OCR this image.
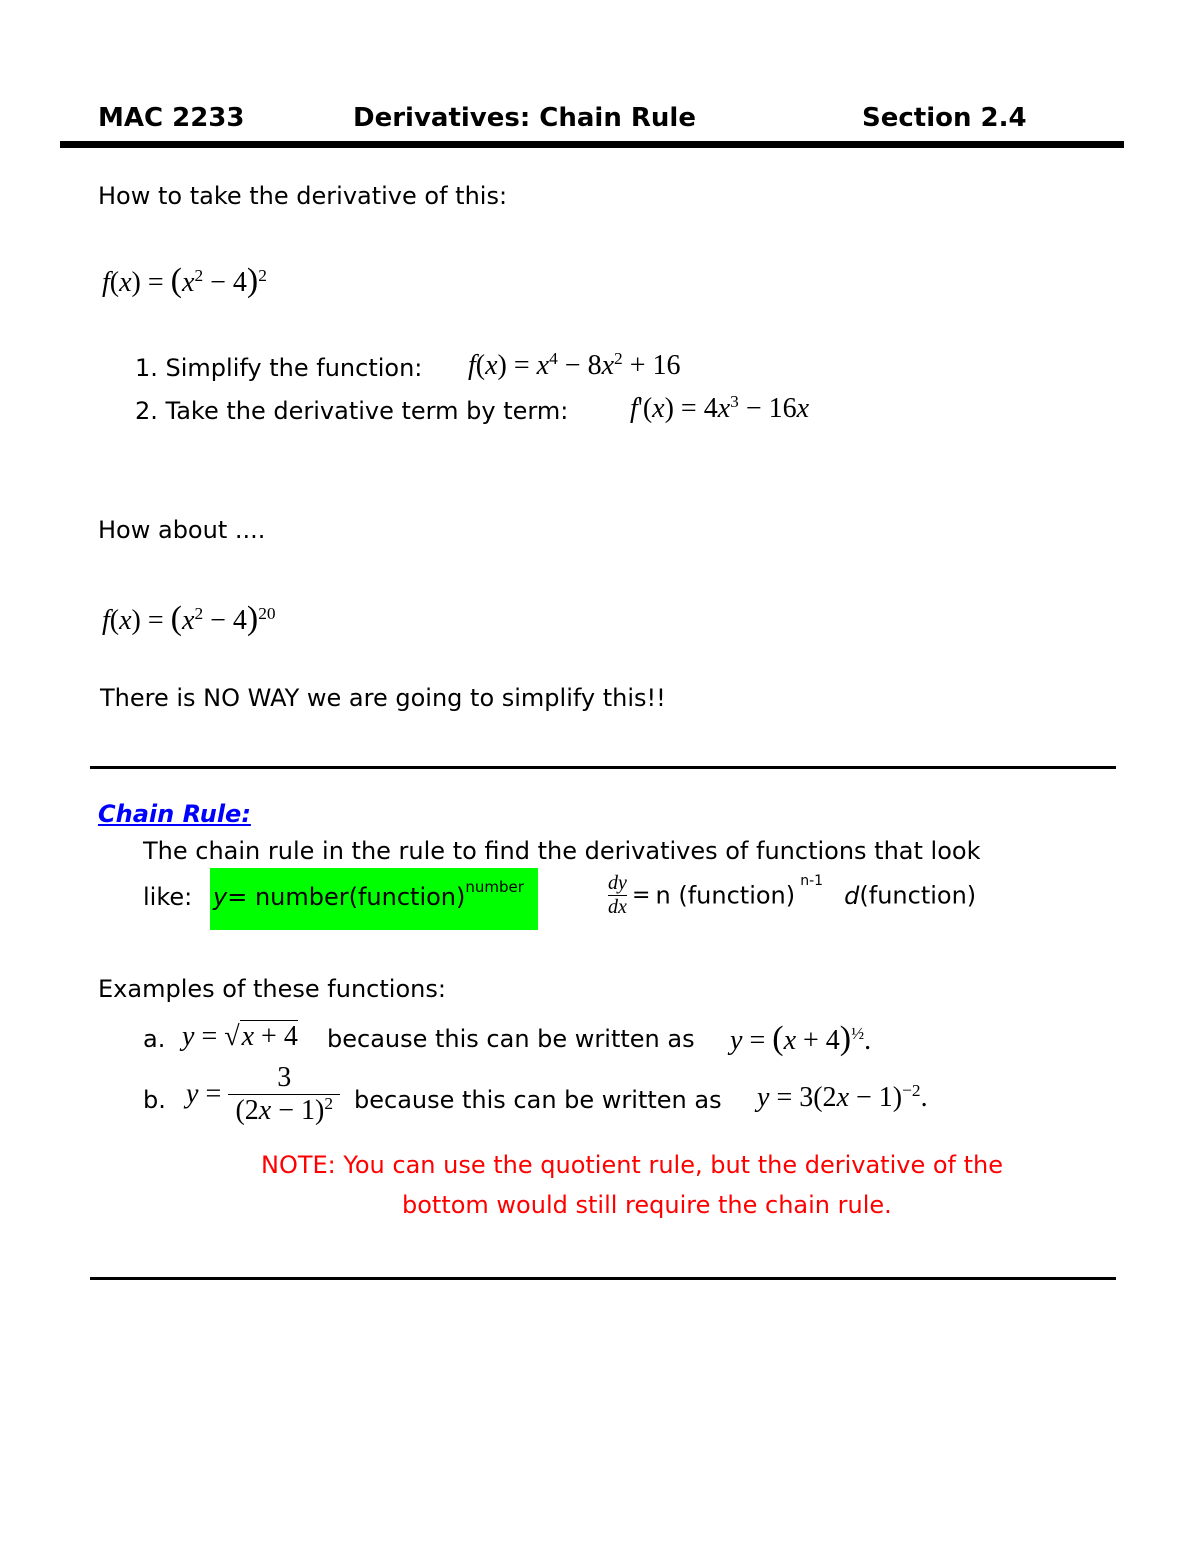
MAC 2233	Derivatives: Chain Rule	Section 2.4
How to take the derivative of this:
$f(x) = (x^2 - 4)^2$
1. Simplify the function: $f(x) = x^4 - 8x^2 + 16$
2. Take the derivative term by term: $f'(x) = 4x^3 - 16x$
How about ....
$f(x) = (x^2 - 4)^{20}$
There is NO WAY we are going to simplify this!!
Chain Rule:
The chain rule in the rule to find the derivatives of functions that look
like: y= number(function)$^{number}$	$\frac{dy}{dx} = n$ (function) $^{n-1}$ d(function)
Examples of these functions:
a. y = √x + 4 because this can be written as $y = (x + 4)^{\frac{1}{2}}$.
b. $y = \frac{3}{(2x - 1)^2}$ because this can be written as $y = 3(2x - 1)^{-2}$.
NOTE: You can use the quotient rule, but the derivative of the
bottom would still require the chain rule.
